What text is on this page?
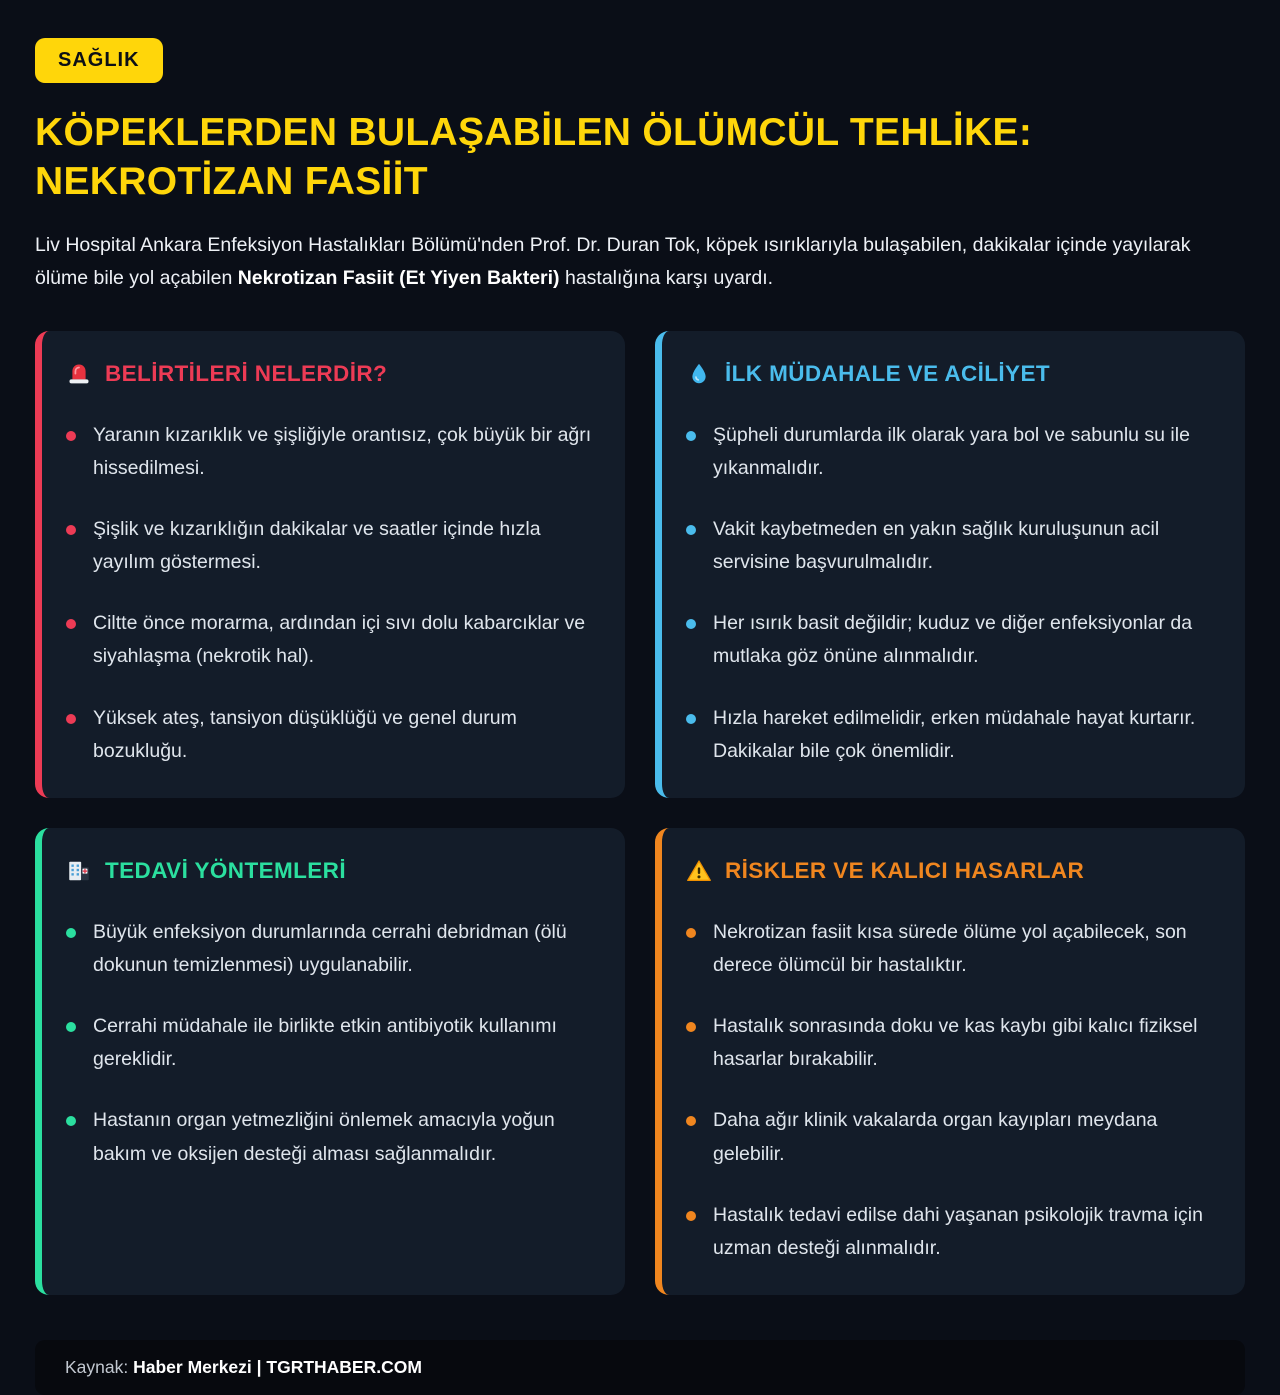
SAĞLIK
KÖPEKLERDEN BULAŞABİLEN ÖLÜMCÜL TEHLİKE:
NEKROTİZAN FASİİT

Liv Hospital Ankara Enfeksiyon Hastalıkları Bölümü'nden Prof. Dr. Duran Tok, köpek ısırıklarıyla bulaşabilen, dakikalar içinde yayılarak ölüme bile yol açabilen Nekrotizan Fasiit (Et Yiyen Bakteri) hastalığına karşı uyardı.

BELİRTİLERİ NELERDİR?
Yaranın kızarıklık ve şişliğiyle orantısız, çok büyük bir ağrı hissedilmesi.
Şişlik ve kızarıklığın dakikalar ve saatler içinde hızla yayılım göstermesi.
Ciltte önce morarma, ardından içi sıvı dolu kabarcıklar ve siyahlaşma (nekrotik hal).
Yüksek ateş, tansiyon düşüklüğü ve genel durum bozukluğu.
İLK MÜDAHALE VE ACİLİYET
Şüpheli durumlarda ilk olarak yara bol ve sabunlu su ile yıkanmalıdır.
Vakit kaybetmeden en yakın sağlık kuruluşunun acil servisine başvurulmalıdır.
Her ısırık basit değildir; kuduz ve diğer enfeksiyonlar da mutlaka göz önüne alınmalıdır.
Hızla hareket edilmelidir, erken müdahale hayat kurtarır. Dakikalar bile çok önemlidir.
TEDAVİ YÖNTEMLERİ
Büyük enfeksiyon durumlarında cerrahi debridman (ölü dokunun temizlenmesi) uygulanabilir.
Cerrahi müdahale ile birlikte etkin antibiyotik kullanımı gereklidir.
Hastanın organ yetmezliğini önlemek amacıyla yoğun bakım ve oksijen desteği alması sağlanmalıdır.
RİSKLER VE KALICI HASARLAR
Nekrotizan fasiit kısa sürede ölüme yol açabilecek, son derece ölümcül bir hastalıktır.
Hastalık sonrasında doku ve kas kaybı gibi kalıcı fiziksel hasarlar bırakabilir.
Daha ağır klinik vakalarda organ kayıpları meydana gelebilir.
Hastalık tedavi edilse dahi yaşanan psikolojik travma için uzman desteği alınmalıdır.
Kaynak: Haber Merkezi | TGRTHABER.COM
